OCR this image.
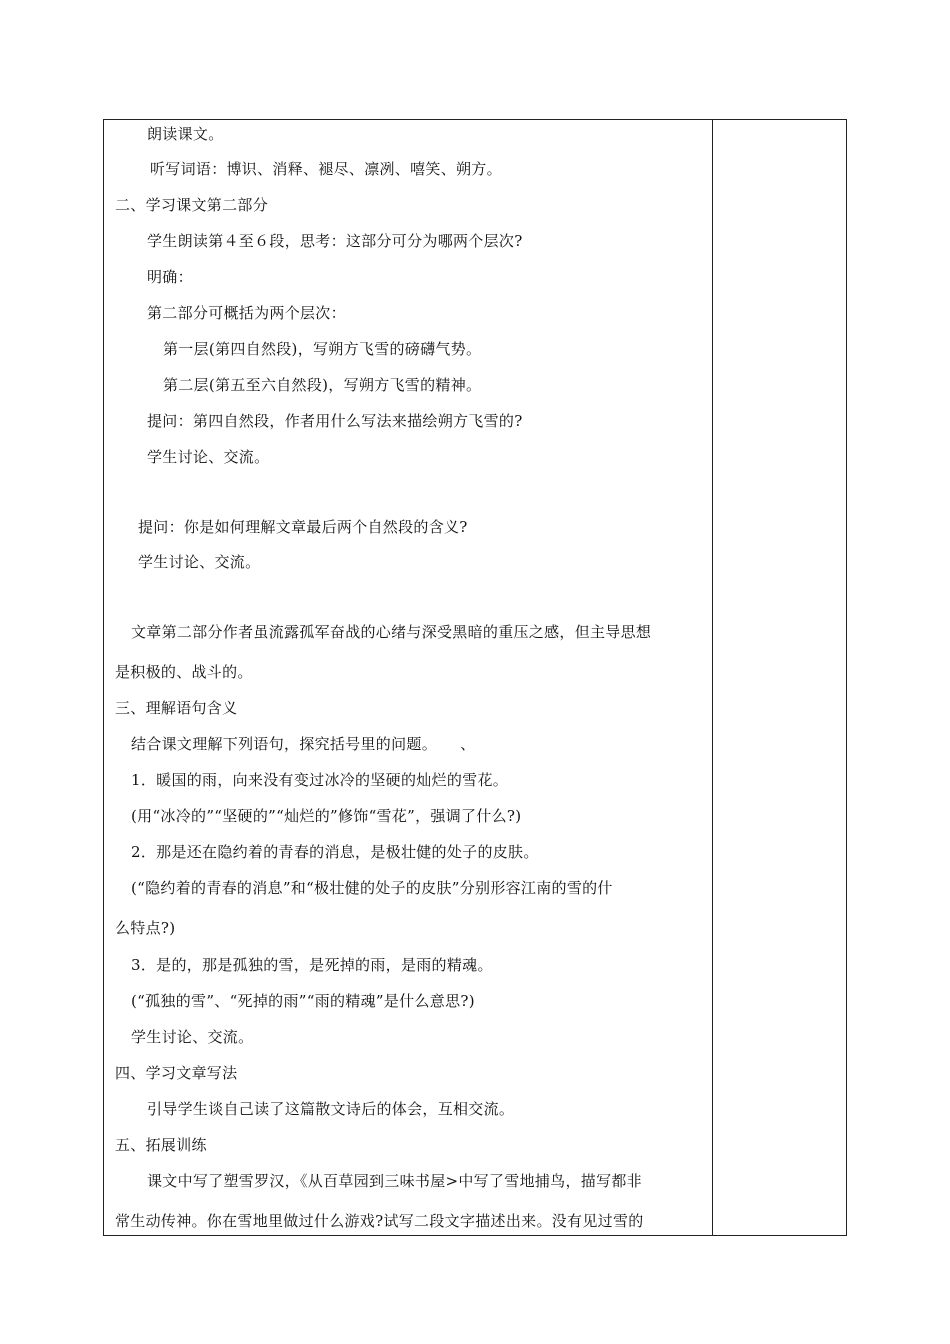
朗读课文。
听写词语：博识、消释、褪尽、凛冽、嘻笑、朔方。
二、学习课文第二部分
学生朗读第４至６段，思考：这部分可分为哪两个层次?
明确：
第二部分可概括为两个层次：
第一层(第四自然段)，写朔方飞雪的磅礴气势。
第二层(第五至六自然段)，写朔方飞雪的精神。
提问：第四自然段，作者用什么写法来描绘朔方飞雪的?
学生讨论、交流。
提问：你是如何理解文章最后两个自然段的含义?
学生讨论、交流。
文章第二部分作者虽流露孤军奋战的心绪与深受黑暗的重压之感，但主导思想
是积极的、战斗的。
三、理解语句含义
结合课文理解下列语句，探究括号里的问题。　　、
1．暖国的雨，向来没有变过冰冷的坚硬的灿烂的雪花。
(用“冰冷的”“坚硬的”“灿烂的”修饰“雪花”，强调了什么?)
2．那是还在隐约着的青春的消息，是极壮健的处子的皮肤。
(“隐约着的青春的消息”和“极壮健的处子的皮肤”分别形容江南的雪的什
么特点?)
3．是的，那是孤独的雪，是死掉的雨，是雨的精魂。
(“孤独的雪”、“死掉的雨”“雨的精魂”是什么意思?)
学生讨论、交流。
四、学习文章写法
引导学生谈自己读了这篇散文诗后的体会，互相交流。
五、拓展训练
课文中写了塑雪罗汉，《从百草园到三味书屋>中写了雪地捕鸟，描写都非
常生动传神。你在雪地里做过什么游戏?试写二段文字描述出来。没有见过雪的
